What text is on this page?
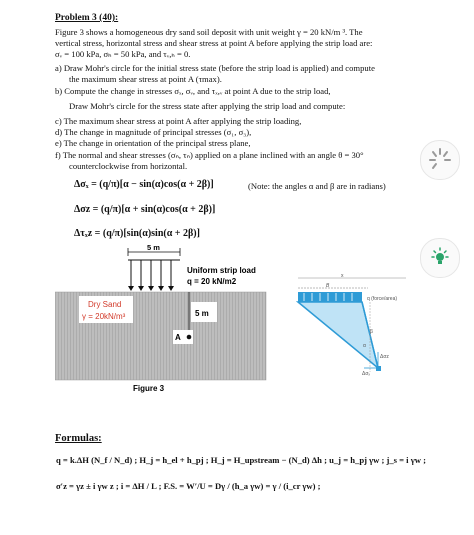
Problem 3 (40):
Figure 3 shows a homogeneous dry sand soil deposit with unit weight γ = 20 kN/m ³. The
vertical stress, horizontal stress and shear stress at point A before applying the strip load are:
σᵥ = 100 kPa, σₕ = 50 kPa, and τᵥ,ₕ = 0.
a) Draw Mohr's circle for the initial stress state (before the strip load is applied) and compute
the maximum shear stress at point A (τmax).
b) Compute the change in stresses σₓ, σᵥ, and τₓ,ᵥ at point A due to the strip load,
Draw Mohr's circle for the stress state after applying the strip load and compute:
c) The maximum shear stress at point A after applying the strip loading,
d) The change in magnitude of principal stresses (σ₁, σ₃),
e) The change in orientation of the principal stress plane,
f) The normal and shear stresses (σₙ, τₙ) applied on a plane inclined with an angle θ = 30°
counterclockwise from horizontal.
Δσₓ = (q/π)[α − sin(α)cos(α + 2β)]	(Note: the angles α and β are in radians)
Δσz = (q/π)[α + sin(α)cos(α + 2β)]
Δτₓz = (q/π)[sin(α)sin(α + 2β)]
5 m
Uniform strip load
q = 20 kN/m2
Dry Sand
γ = 20kN/m³	5 m
A
Figure 3
x
B
q (force/area)
β
α
Δσz
Δσₓ
Formulas:
q = k.ΔH (N_f / N_d) ; H_j = h_el + h_pj ; H_j = H_upstream − (N_d) Δh ; u_j = h_pj γw ; j_s = i γw ;
σ′z = γz ± i γw z ; i = ΔH / L ; F.S. = W′/U = Dγ / (h_a γw) = γ / (i_cr γw) ;
